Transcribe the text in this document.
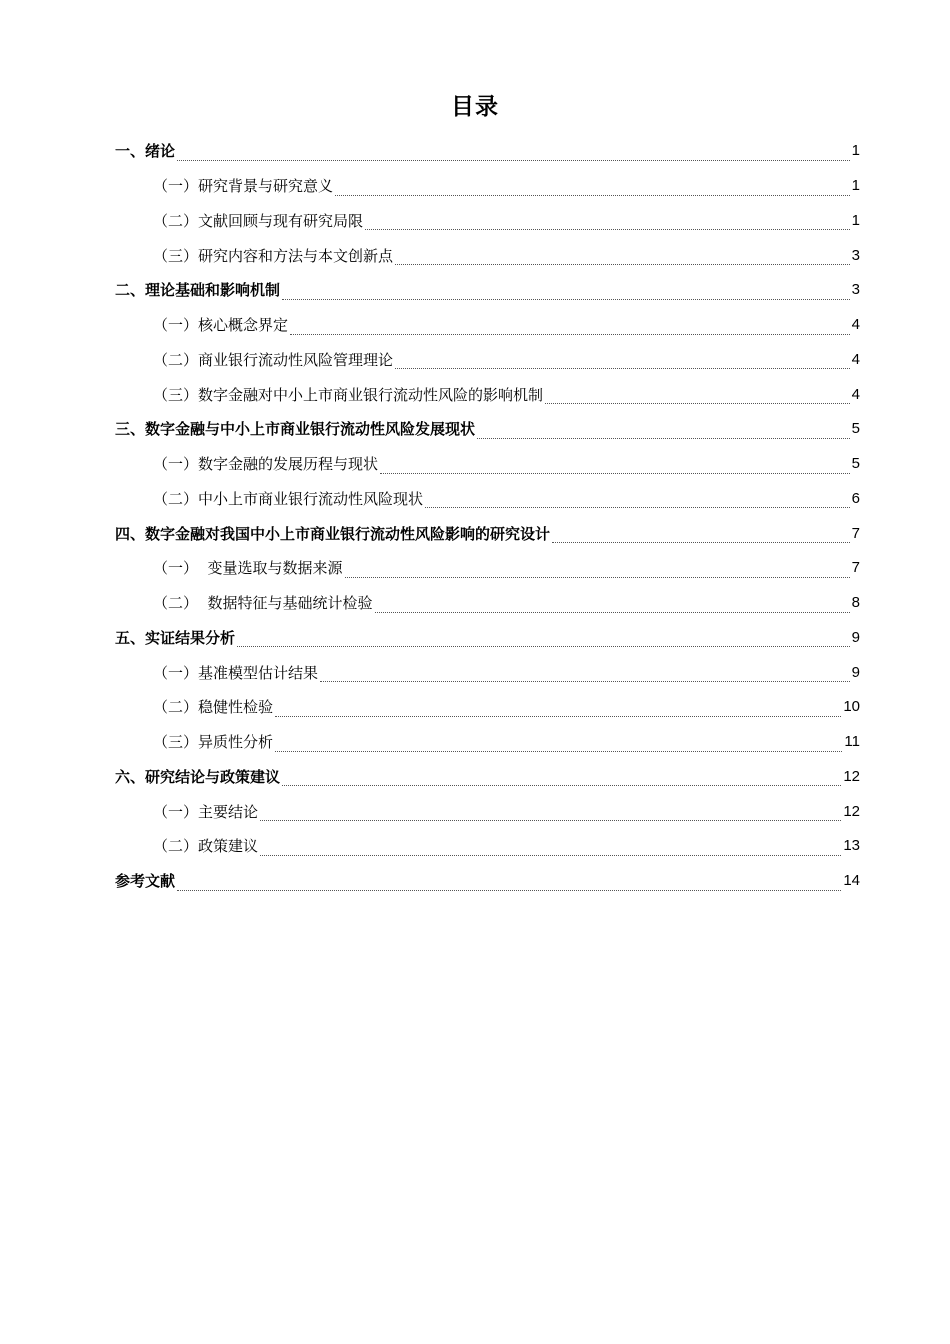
目录
一、绪论	1
（一）研究背景与研究意义	1
（二）文献回顾与现有研究局限	1
（三）研究内容和方法与本文创新点	3
二、理论基础和影响机制	3
（一）核心概念界定	4
（二）商业银行流动性风险管理理论	4
（三）数字金融对中小上市商业银行流动性风险的影响机制	4
三、数字金融与中小上市商业银行流动性风险发展现状	5
（一）数字金融的发展历程与现状	5
（二）中小上市商业银行流动性风险现状	6
四、数字金融对我国中小上市商业银行流动性风险影响的研究设计	7
（一）  变量选取与数据来源	7
（二）  数据特征与基础统计检验	8
五、实证结果分析	9
（一）基准模型估计结果	9
（二）稳健性检验	10
（三）异质性分析	11
六、研究结论与政策建议	12
（一）主要结论	12
（二）政策建议	13
参考文献	14
